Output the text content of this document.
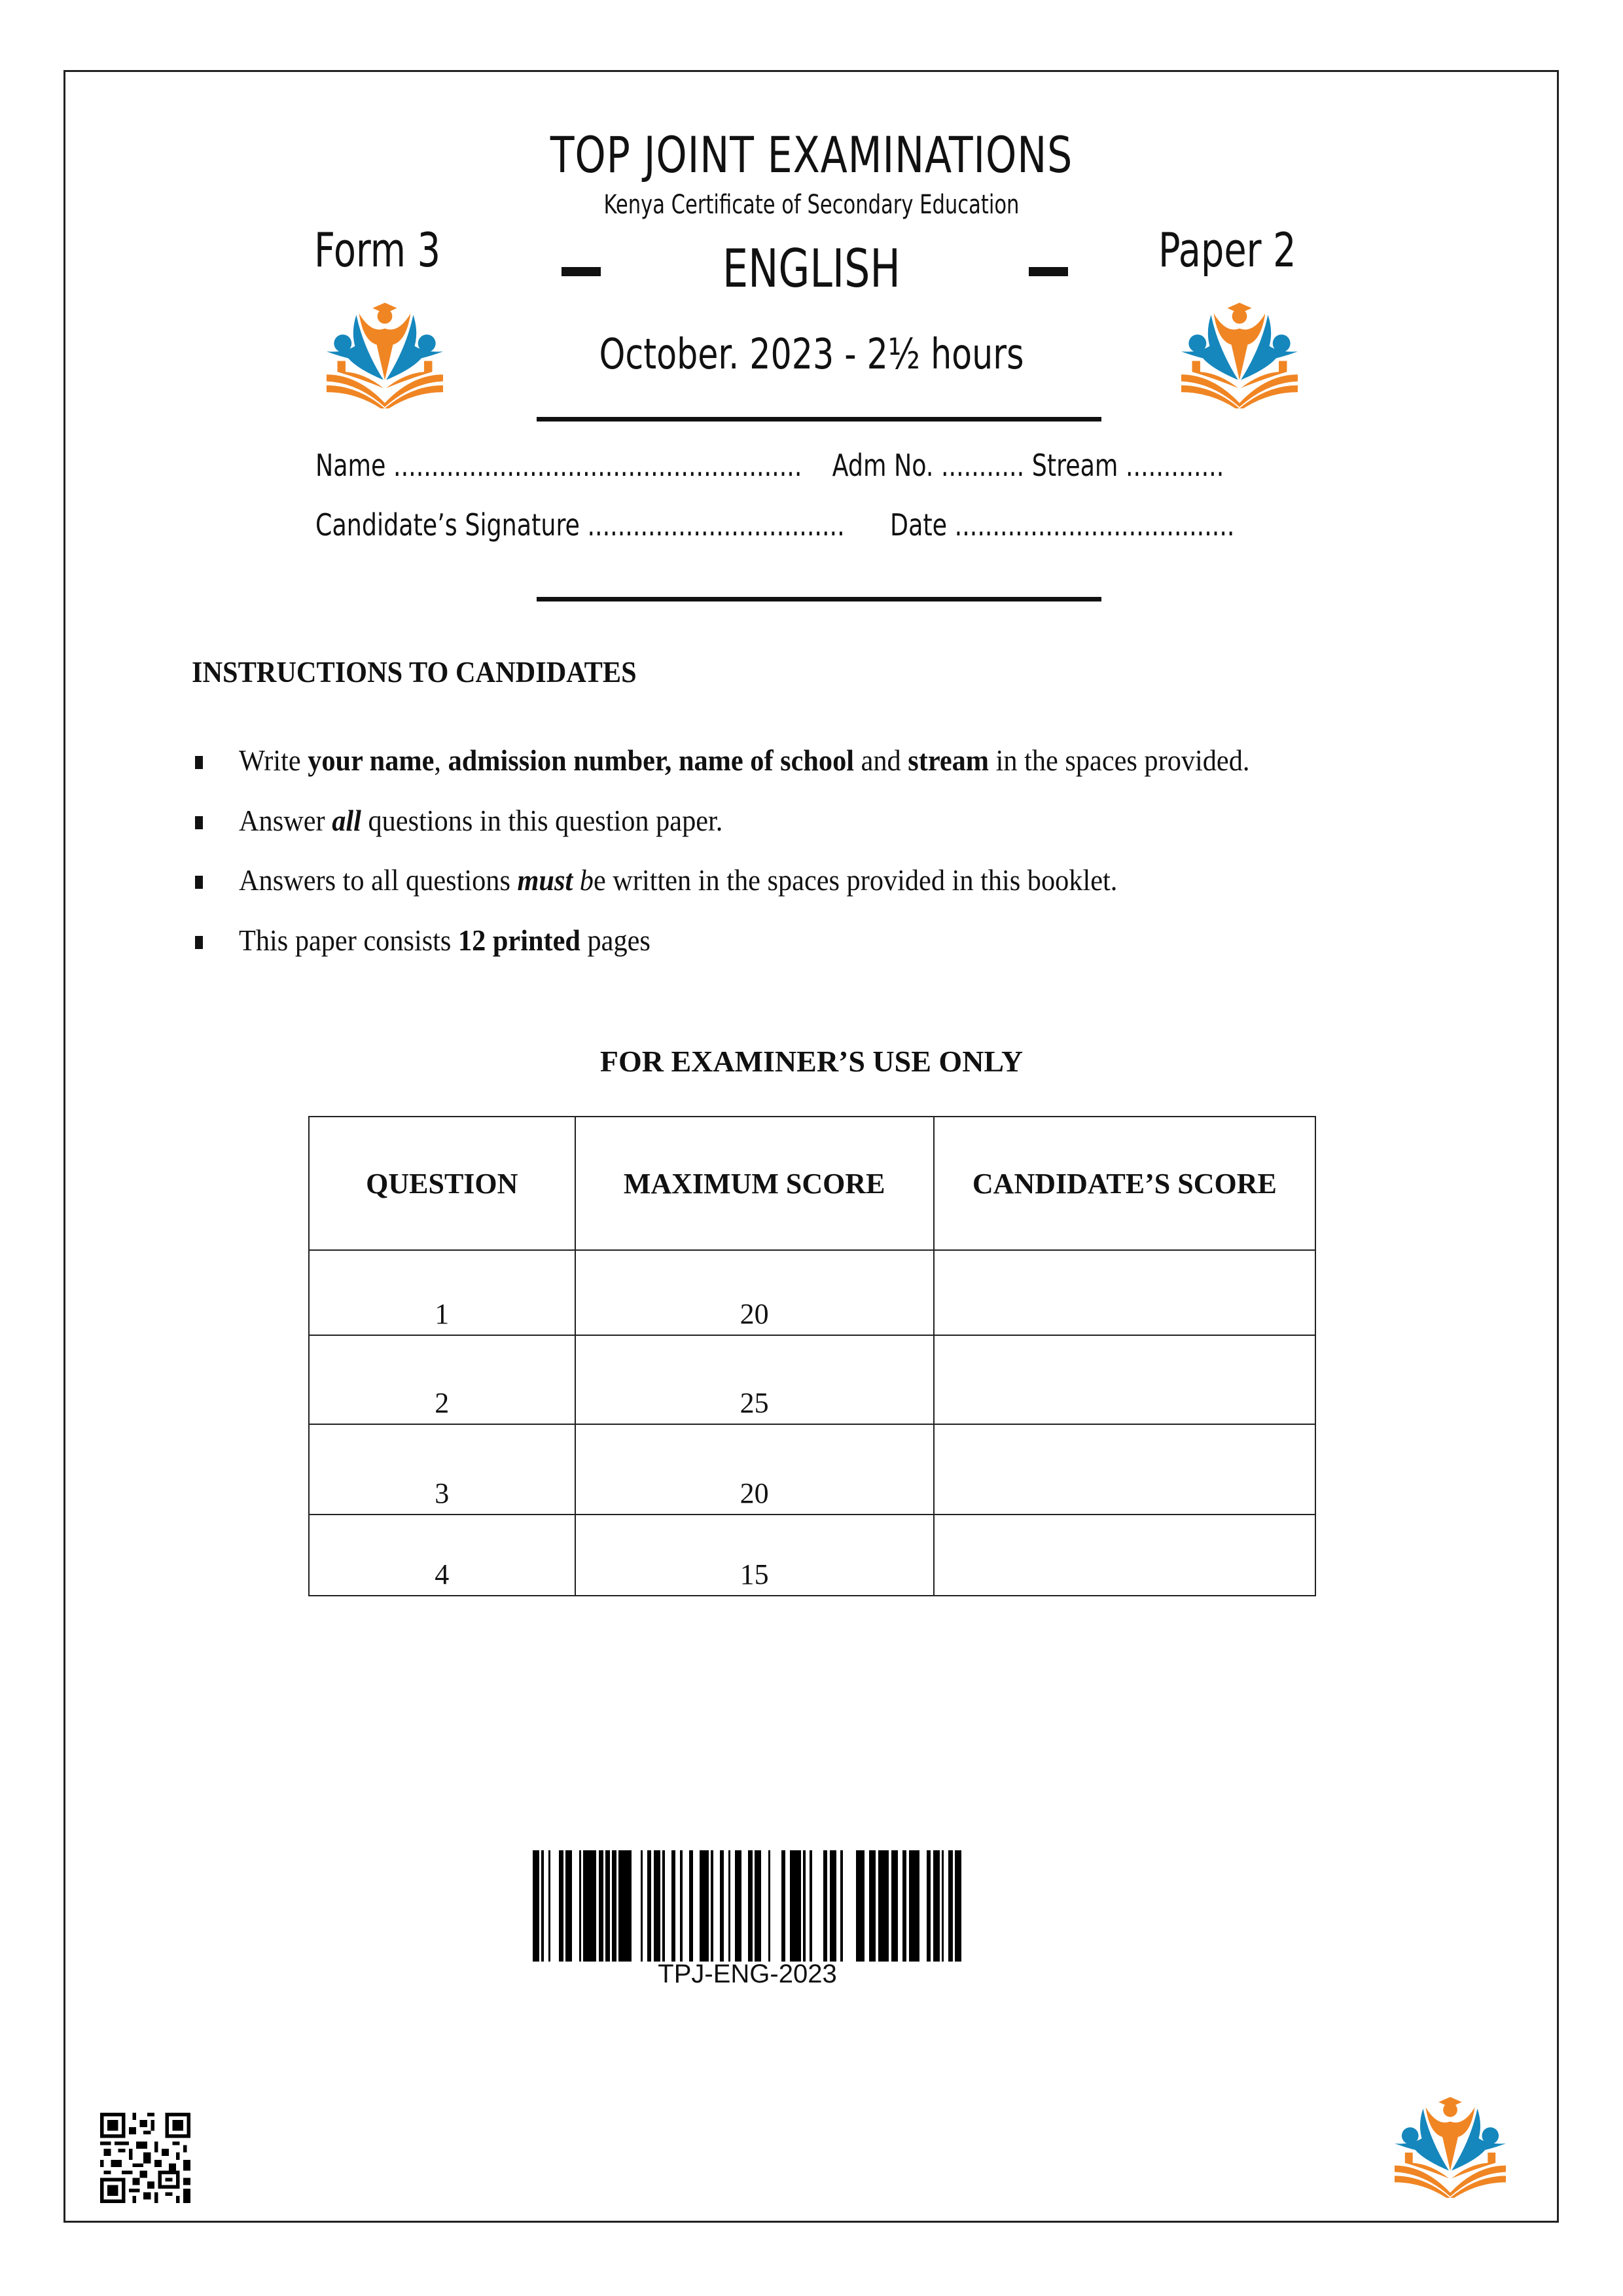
TOP JOINT EXAMINATIONS
Kenya Certificate of Secondary Education
Form 3	ENGLISH	Paper 2
October. 2023 - 2½ hours
Name ...................................................... Adm No. ........... Stream .............
Candidate’s Signature .................................. Date .....................................
INSTRUCTIONS TO CANDIDATES
Write your name, admission number, name of school and stream in the spaces provided.
Answer all questions in this question paper.
Answers to all questions must be written in the spaces provided in this booklet.
This paper consists 12 printed pages
FOR EXAMINER’S USE ONLY
QUESTION	MAXIMUM SCORE	CANDIDATE’S SCORE
1	20	
2	25	
3	20	
4	15	
TPJ-ENG-2023
